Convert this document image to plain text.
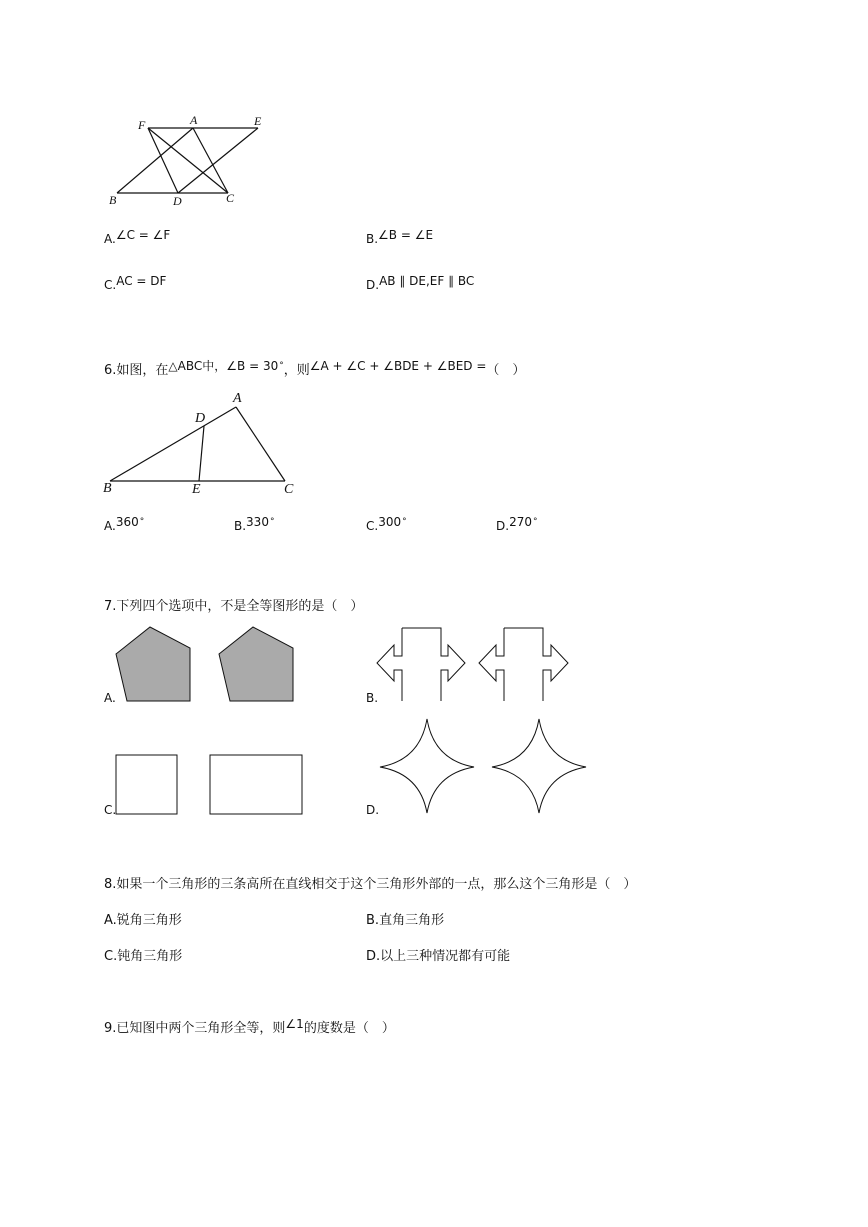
F	A	E
B	D	C
A.∠C = ∠F	B.∠B = ∠E
C.AC = DF	D.AB ∥ DE,EF ∥ BC
6.如图，在△ABC中，∠B = 30°，则∠A + ∠C + ∠BDE + ∠BED =（　）
A
D
B	E	C
A.360°	B.330°	C.300°	D.270°
7.下列四个选项中，不是全等图形的是（　）
A.	B.
C.	D.
8.如果一个三角形的三条高所在直线相交于这个三角形外部的一点，那么这个三角形是（　）
A.锐角三角形	B.直角三角形
C.钝角三角形	D.以上三种情况都有可能
9.已知图中两个三角形全等，则∠1的度数是（　）
